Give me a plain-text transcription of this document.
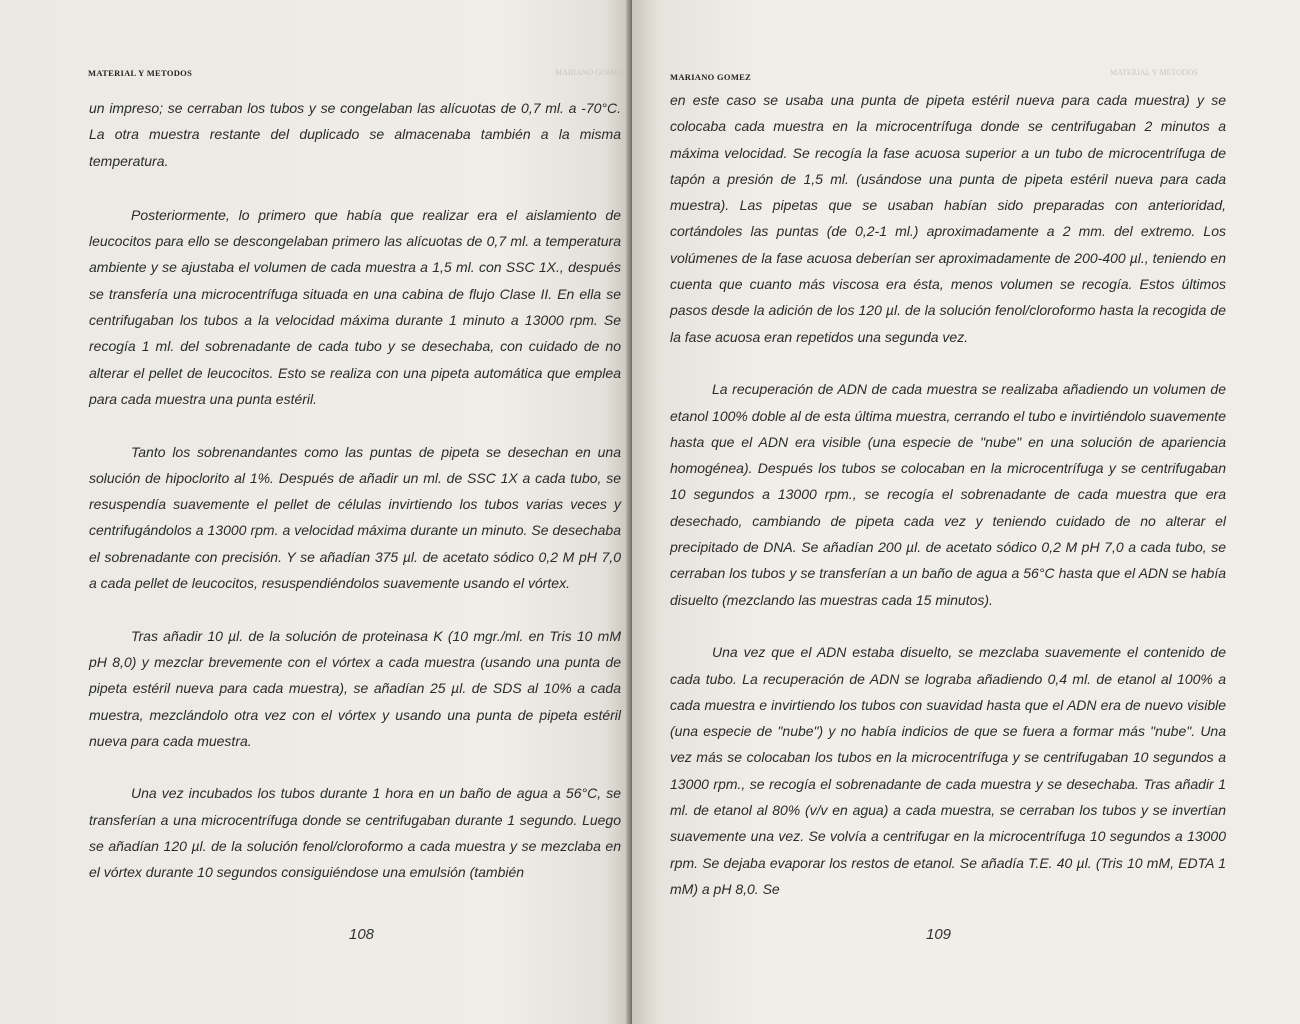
MATERIAL Y METODOS	MARIANO GOMEZ

un impreso; se cerraban los tubos y se congelaban las alícuotas de 0,7 ml. a -70°C. La otra muestra restante del duplicado se almacenaba también a la misma temperatura.

Posteriormente, lo primero que había que realizar era el aislamiento de leucocitos para ello se descongelaban primero las alícuotas de 0,7 ml. a temperatura ambiente y se ajustaba el volumen de cada muestra a 1,5 ml. con SSC 1X., después se transfería una microcentrífuga situada en una cabina de flujo Clase II. En ella se centrifugaban los tubos a la velocidad máxima durante 1 minuto a 13000 rpm. Se recogía 1 ml. del sobrenadante de cada tubo y se desechaba, con cuidado de no alterar el pellet de leucocitos. Esto se realiza con una pipeta automática que emplea para cada muestra una punta estéril.

Tanto los sobrenandantes como las puntas de pipeta se desechan en una solución de hipoclorito al 1%. Después de añadir un ml. de SSC 1X a cada tubo, se resuspendía suavemente el pellet de células invirtiendo los tubos varias veces y centrifugándolos a 13000 rpm. a velocidad máxima durante un minuto. Se desechaba el sobrenadante con precisión. Y se añadían 375 µl. de acetato sódico 0,2 M pH 7,0 a cada pellet de leucocitos, resuspendiéndolos suavemente usando el vórtex.

Tras añadir 10 µl. de la solución de proteinasa K (10 mgr./ml. en Tris 10 mM pH 8,0) y mezclar brevemente con el vórtex a cada muestra (usando una punta de pipeta estéril nueva para cada muestra), se añadían 25 µl. de SDS al 10% a cada muestra, mezclándolo otra vez con el vórtex y usando una punta de pipeta estéril nueva para cada muestra.

Una vez incubados los tubos durante 1 hora en un baño de agua a 56°C, se transferían a una microcentrífuga donde se centrifugaban durante 1 segundo. Luego se añadían 120 µl. de la solución fenol/cloroformo a cada muestra y se mezclaba en el vórtex durante 10 segundos consiguiéndose una emulsión (también

108
MARIANO GOMEZ	MATERIAL Y METODOS

en este caso se usaba una punta de pipeta estéril nueva para cada muestra) y se colocaba cada muestra en la microcentrífuga donde se centrifugaban 2 minutos a máxima velocidad. Se recogía la fase acuosa superior a un tubo de microcentrífuga de tapón a presión de 1,5 ml. (usándose una punta de pipeta estéril nueva para cada muestra). Las pipetas que se usaban habían sido preparadas con anterioridad, cortándoles las puntas (de 0,2-1 ml.) aproximadamente a 2 mm. del extremo. Los volúmenes de la fase acuosa deberían ser aproximadamente de 200-400 µl., teniendo en cuenta que cuanto más viscosa era ésta, menos volumen se recogía. Estos últimos pasos desde la adición de los 120 µl. de la solución fenol/cloroformo hasta la recogida de la fase acuosa eran repetidos una segunda vez.

La recuperación de ADN de cada muestra se realizaba añadiendo un volumen de etanol 100% doble al de esta última muestra, cerrando el tubo e invirtiéndolo suavemente hasta que el ADN era visible (una especie de "nube" en una solución de apariencia homogénea). Después los tubos se colocaban en la microcentrífuga y se centrifugaban 10 segundos a 13000 rpm., se recogía el sobrenadante de cada muestra que era desechado, cambiando de pipeta cada vez y teniendo cuidado de no alterar el precipitado de DNA. Se añadían 200 µl. de acetato sódico 0,2 M pH 7,0 a cada tubo, se cerraban los tubos y se transferían a un baño de agua a 56°C hasta que el ADN se había disuelto (mezclando las muestras cada 15 minutos).

Una vez que el ADN estaba disuelto, se mezclaba suavemente el contenido de cada tubo. La recuperación de ADN se lograba añadiendo 0,4 ml. de etanol al 100% a cada muestra e invirtiendo los tubos con suavidad hasta que el ADN era de nuevo visible (una especie de "nube") y no había indicios de que se fuera a formar más "nube". Una vez más se colocaban los tubos en la microcentrífuga y se centrifugaban 10 segundos a 13000 rpm., se recogía el sobrenadante de cada muestra y se desechaba. Tras añadir 1 ml. de etanol al 80% (v/v en agua) a cada muestra, se cerraban los tubos y se invertían suavemente una vez. Se volvía a centrifugar en la microcentrífuga 10 segundos a 13000 rpm. Se dejaba evaporar los restos de etanol. Se añadía T.E. 40 µl. (Tris 10 mM, EDTA 1 mM) a pH 8,0. Se

109
